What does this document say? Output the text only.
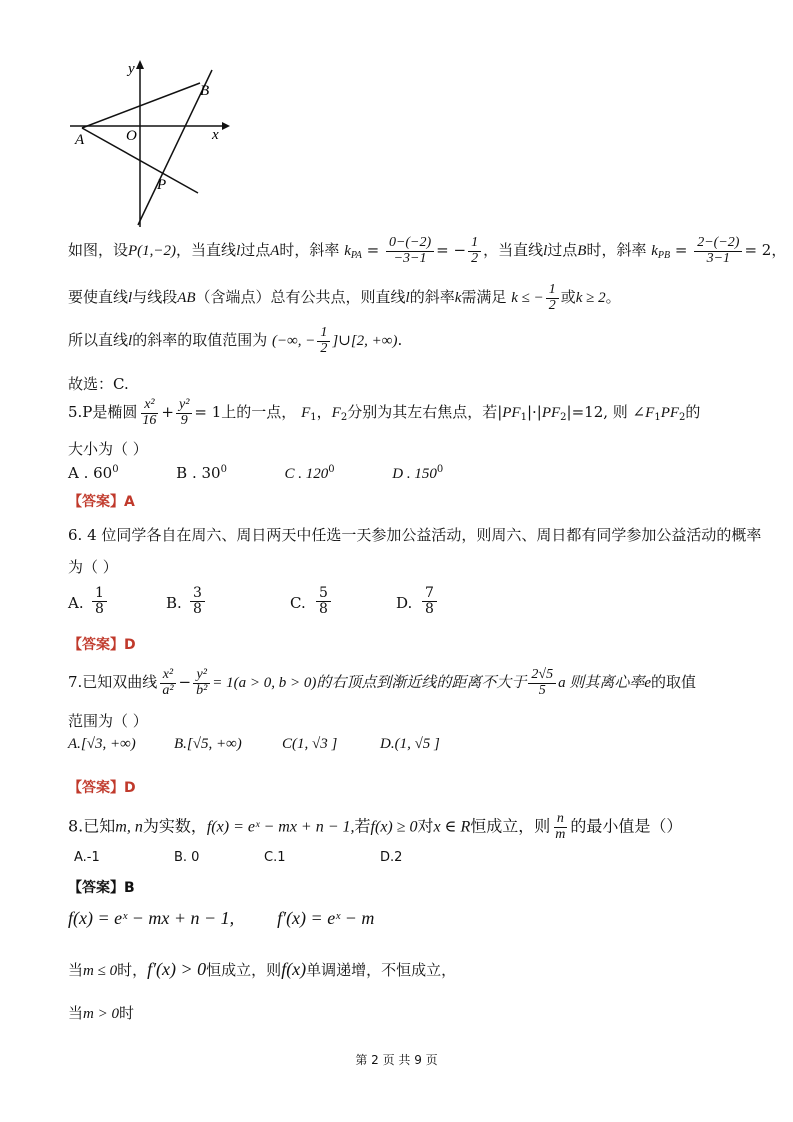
y
x
O
A
B
P
如图，设P(1,−2)，当直线l过点A时，斜率 $k_{PA} = \frac{0-(-2)}{-3-1}$ = − $\frac{1}{2}$ ，当直线l过点B时，斜率 $k_{PB} = \frac{2-(-2)}{3-1} = 2$，
要使直线l与线段AB（含端点）总有公共点，则直线l的斜率k需满足 k ≤ − $\frac{1}{2}$ 或k ≥ 2。
所以直线l的斜率的取值范围为 (−∞, − $\frac{1}{2}$ ]∪[2, +∞).
故选：C.
5.P是椭圆 $\frac{\text{x²}}{16} + \frac{\text{y²}}{9} = 1$上的一点， $F_1$，$F_2$分别为其左右焦点，若$|PF_1|\cdot|PF_2|=12$, 则 $\angle F_1PF_2$的
大小为（ ）
A . $60^0$	B . $30^0$	C . $120^0$	D . $150^0$
【答案】A
6. 4 位同学各自在周六、周日两天中任选一天参加公益活动，则周六、周日都有同学参加公益活动的概率
为（ ）
A. $\frac{1}{8}$	B. $\frac{3}{8}$	C. $\frac{5}{8}$	D. $\frac{7}{8}$
【答案】D
7.已知双曲线 $\frac{\text{x²}}{\text{a²}} - \frac{\text{y²}}{\text{b²}} = 1(a > 0$, b > 0)的右顶点到渐近线的距离不大于 $\frac{2√5}{5}$ a 则其离心率e的取值
范围为（ ）
A.[√3, +∞)	B.[√5, +∞)	C(1, √3 ]	D.(1, √5 ]
【答案】D
8.已知m, n为实数，f(x) = eˣ − mx + n − 1,若f(x) ≥ 0对x ∈ R恒成立，则 $\frac{n}{m}$ 的最小值是（）
A.-1	B. 0	C.1	D.2
【答案】B
f(x) = eˣ − mx + n − 1, f′(x) = eˣ − m
当m ≤ 0时，f′(x) > 0恒成立，则f(x)单调递增，不恒成立，
当m > 0时
第 2 页 共 9 页
